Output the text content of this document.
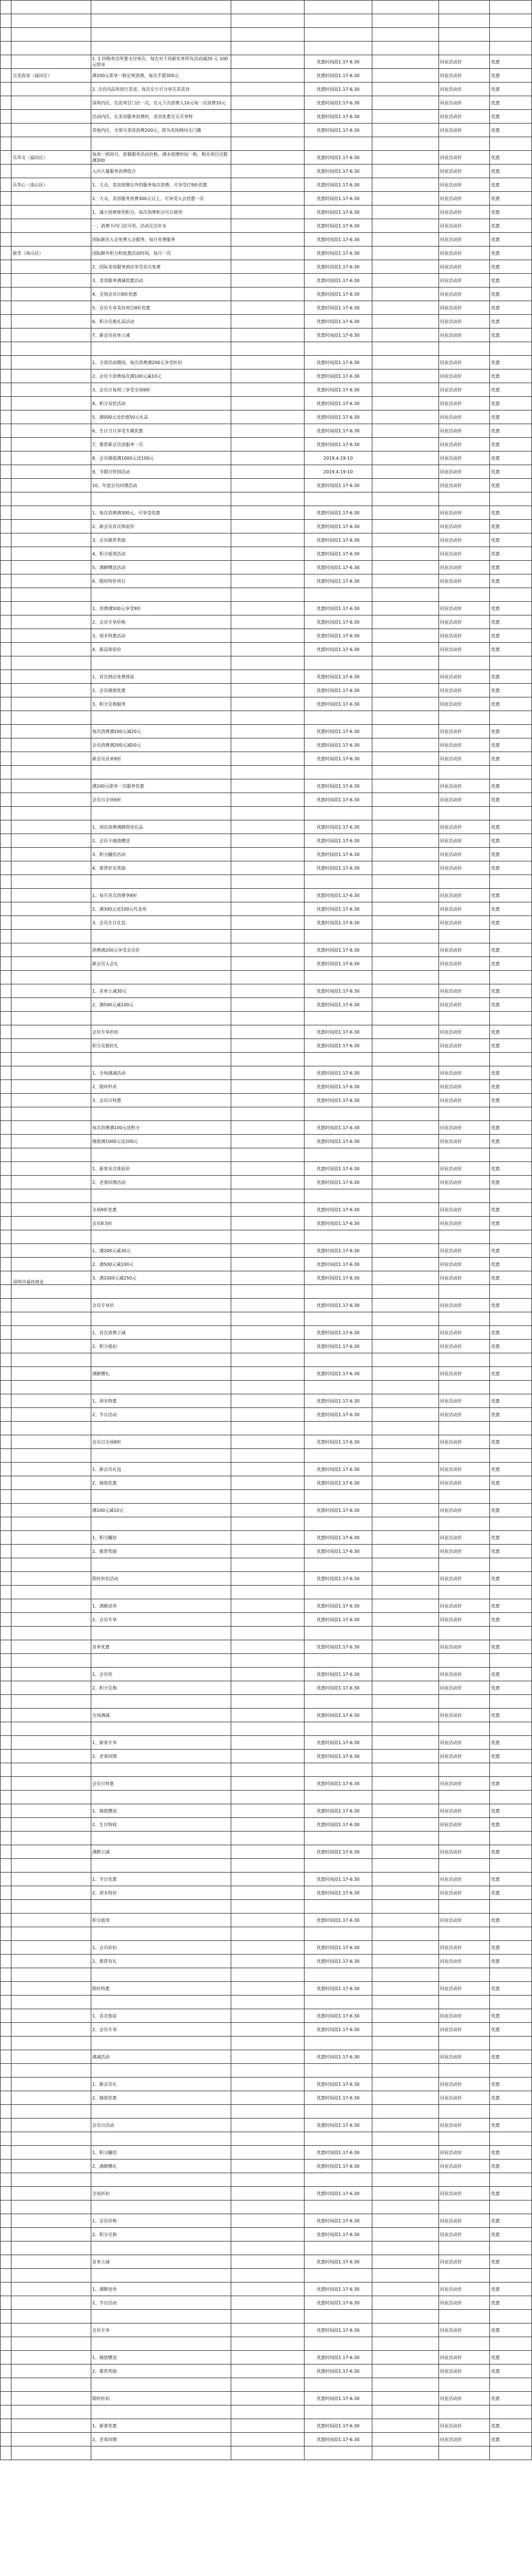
深圳市福田商业

		1. 1 回购单次所要支付单次，每次对于持新实单所有活动减20 元 100元即享		优惠时间段1.17-6.30		同业活动价	优惠
	完美妆容（福田区）	满100元即享一般定规消费，每次不超300元		优惠时间段1.17-6.30		同业活动价	优惠
		2. 含宫内品项进行美容，每次至少可分享完美美容		优惠时间段1.17-6.30		同业活动价	优惠
		深圳内区，在此项目门店一次，在元下次消费入10元每一次消费10元		优惠时间段1.17-6.30		同业活动价	优惠
		活动内区，在美容服务消费时，美容优惠至无可享特		优惠时间段1.17-6.30		同业活动价	优惠
		其他内区，全部可美容消费200元，即为美妆顾问无门槛		优惠时间段1.17-6.30		同业活动价	优惠

	乐华支（福田区）	每周一到周日，套餐服务活动价格，满水按摩时间一般，购买项目次数满300		优惠时间段1.17-6.30		同业活动价	优惠
		入内大量服务消费组合		优惠时间段1.17-6.30		同业活动价	优惠
	乐华心（南山区）	1、大众，美容按摩以外的服务每次消费，可享受打9折优惠		优惠时间段1.17-6.30		同业活动价	优惠
		2、大众，美容服务消费300元以上，可享受入会优惠一次		优惠时间段1.17-6.30		同业活动价	优惠
		1、减少消费使用积分，每次消费积分可以使用		优惠时间段1.17-6.30		同业活动价	优惠
		一、消费卡内门店可用，活动至次年末		优惠时间段1.17-6.30		同业活动价	优惠
		国际新店入会免费入会服务，每月免费服务		优惠时间段1.17-6.30		同业活动价	优惠
	骏青（南山区）	国际额外积分和优惠活动时间，每月一次		优惠时间段1.17-6.30		同业活动价	优惠
		2、国际美容服务到店享受首次免费		优惠时间段1.17-6.30		同业活动价	优惠
		3、美容服务满减优惠活动		优惠时间段1.17-6.30		同业活动价	优惠
		4、全场会员日8折优惠		优惠时间段1.17-6.30		同业活动价	优惠
		5、会员专享美容项目8折优惠		优惠时间段1.17-6.30		同业活动价	优惠
		6、积分兑换礼品活动		优惠时间段1.17-6.30		同业活动价	优惠
		7、新会员首单立减		优惠时间段1.17-6.30		同业活动价	优惠

		1、全部活动期间，每次消费满200元享受折扣		优惠时间段1.17-6.30		同业活动价	优惠
		2、会员卡消费每次满100元减10元		优惠时间段1.17-6.30		同业活动价	优惠
		3、会员日每周三享受全场9折		优惠时间段1.17-6.30		同业活动价	优惠
		4、积分双倍活动		优惠时间段1.17-6.30		同业活动价	优惠
		5、满500元送价值50元礼品		优惠时间段1.17-6.30		同业活动价	优惠
		6、生日当月享受专属优惠		优惠时间段1.17-6.30		同业活动价	优惠
		7、推荐新会员送服务一次		优惠时间段1.17-6.30		同业活动价	优惠
		8、会员储值满1000元送100元		2019.4.19-10		同业活动价	优惠
		9、节假日特别活动		2019.4.19-10		同业活动价	优惠
		10、年度会员回馈活动		优惠时间段1.17-6.30		同业活动价	优惠

		1、每次消费满300元，可享受优惠		优惠时间段1.17-6.30		同业活动价	优惠
		2、新会员首次体验价		优惠时间段1.17-6.30		同业活动价	优惠
		3、会员推荐奖励		优惠时间段1.17-6.30		同业活动价	优惠
		4、积分抵现活动		优惠时间段1.17-6.30		同业活动价	优惠
		5、满额赠送活动		优惠时间段1.17-6.30		同业活动价	优惠
		6、限时特价项目		优惠时间段1.17-6.30		同业活动价	优惠

		1、消费满500元享受9折		优惠时间段1.17-6.30		同业活动价	优惠
		2、会员专享价格		优惠时间段1.17-6.30		同业活动价	优惠
		3、周末特惠活动		优惠时间段1.17-6.30		同业活动价	优惠
		4、新品体验价		优惠时间段1.17-6.30		同业活动价	优惠

		1、首次到店免费体验		优惠时间段1.17-6.30		同业活动价	优惠
		2、会员储值优惠		优惠时间段1.17-6.30		同业活动价	优惠
		3、积分兑换服务		优惠时间段1.17-6.30		同业活动价	优惠

		每次消费满100元减20元		优惠时间段1.17-6.30		同业活动价	优惠
		会员消费满200元减50元		优惠时间段1.17-6.30		同业活动价	优惠
		新会员首单8折		优惠时间段1.17-6.30		同业活动价	优惠

		满100元即享一次服务优惠		优惠时间段1.17-6.30		同业活动价	优惠
		会员日全场9折		优惠时间段1.17-6.30		同业活动价	优惠

		1、到店消费满额即送礼品		优惠时间段1.17-6.30		同业活动价	优惠
		2、会员卡储值赠送		优惠时间段1.17-6.30		同业活动价	优惠
		3、积分翻倍活动		优惠时间段1.17-6.30		同业活动价	优惠
		4、推荐好友奖励		优惠时间段1.17-6.30		同业活动价	优惠

		1、每月首次消费享8折		优惠时间段1.17-6.30		同业活动价	优惠
		2、满300元送100元代金券		优惠时间段1.17-6.30		同业活动价	优惠
		3、会员生日礼包		优惠时间段1.17-6.30		同业活动价	优惠

		消费满200元享受会员价		优惠时间段1.17-6.30		同业活动价	优惠
		新会员入会礼		优惠时间段1.17-6.30		同业活动价	优惠

		1、首单立减30元		优惠时间段1.17-6.30		同业活动价	优惠
		2、满500元减100元		优惠时间段1.17-6.30		同业活动价	优惠

		会员专享折扣		优惠时间段1.17-6.30		同业活动价	优惠
		积分兑换好礼		优惠时间段1.17-6.30		同业活动价	优惠

		1、全场满减活动		优惠时间段1.17-6.30		同业活动价	优惠
		2、限时秒杀		优惠时间段1.17-6.30		同业活动价	优惠
		3、会员日特惠		优惠时间段1.17-6.30		同业活动价	优惠

		每次消费满100元送积分		优惠时间段1.17-6.30		同业活动价	优惠
		储值满1000元送200元		优惠时间段1.17-6.30		同业活动价	优惠

		1、新客首次体验价		优惠时间段1.17-6.30		同业活动价	优惠
		2、老客回馈活动		优惠时间段1.17-6.30		同业活动价	优惠

		全场9折优惠		优惠时间段1.17-6.30		同业活动价	优惠
		会员8.5折		优惠时间段1.17-6.30		同业活动价	优惠

		1、满200元减30元		优惠时间段1.17-6.30		同业活动价	优惠
		2、满500元减100元		优惠时间段1.17-6.30		同业活动价	优惠
		3、满1000元减250元		优惠时间段1.17-6.30		同业活动价	优惠

		会员专享价		优惠时间段1.17-6.30		同业活动价	优惠

		1、首次消费立减		优惠时间段1.17-6.30		同业活动价	优惠
		2、积分抵扣		优惠时间段1.17-6.30		同业活动价	优惠

		满额赠礼		优惠时间段1.17-6.30		同业活动价	优惠

		1、周末特惠		优惠时间段1.17-6.30		同业活动价	优惠
		2、节日活动		优惠时间段1.17-6.30		同业活动价	优惠

		会员日全场8折		优惠时间段1.17-6.30		同业活动价	优惠

		1、新会员礼包		优惠时间段1.17-6.30		同业活动价	优惠
		2、储值优惠		优惠时间段1.17-6.30		同业活动价	优惠

		满100元减10元		优惠时间段1.17-6.30		同业活动价	优惠

		1、积分翻倍		优惠时间段1.17-6.30		同业活动价	优惠
		2、推荐奖励		优惠时间段1.17-6.30		同业活动价	优惠

		限时折扣活动		优惠时间段1.17-6.30		同业活动价	优惠

		1、满额送券		优惠时间段1.17-6.30		同业活动价	优惠
		2、会员专享		优惠时间段1.17-6.30		同业活动价	优惠

		首单优惠		优惠时间段1.17-6.30		同业活动价	优惠

		1、会员价		优惠时间段1.17-6.30		同业活动价	优惠
		2、积分兑换		优惠时间段1.17-6.30		同业活动价	优惠

		全场满减		优惠时间段1.17-6.30		同业活动价	优惠

		1、新客专享		优惠时间段1.17-6.30		同业活动价	优惠
		2、老客回馈		优惠时间段1.17-6.30		同业活动价	优惠

		会员日特惠		优惠时间段1.17-6.30		同业活动价	优惠

		1、储值赠送		优惠时间段1.17-6.30		同业活动价	优惠
		2、生日特权		优惠时间段1.17-6.30		同业活动价	优惠

		满额立减		优惠时间段1.17-6.30		同业活动价	优惠

		1、节日优惠		优惠时间段1.17-6.30		同业活动价	优惠
		2、周末特价		优惠时间段1.17-6.30		同业活动价	优惠

		积分抵现		优惠时间段1.17-6.30		同业活动价	优惠

		1、会员折扣		优惠时间段1.17-6.30		同业活动价	优惠
		2、推荐有礼		优惠时间段1.17-6.30		同业活动价	优惠

		限时特惠		优惠时间段1.17-6.30		同业活动价	优惠

		1、首次体验		优惠时间段1.17-6.30		同业活动价	优惠
		2、会员专享		优惠时间段1.17-6.30		同业活动价	优惠

		满减活动		优惠时间段1.17-6.30		同业活动价	优惠

		1、新会员礼		优惠时间段1.17-6.30		同业活动价	优惠
		2、储值优惠		优惠时间段1.17-6.30		同业活动价	优惠

		会员日活动		优惠时间段1.17-6.30		同业活动价	优惠

		1、积分翻倍		优惠时间段1.17-6.30		同业活动价	优惠
		2、满额赠礼		优惠时间段1.17-6.30		同业活动价	优惠

		全场折扣		优惠时间段1.17-6.30		同业活动价	优惠

		1、会员价格		优惠时间段1.17-6.30		同业活动价	优惠
		2、积分兑换		优惠时间段1.17-6.30		同业活动价	优惠

		首单立减		优惠时间段1.17-6.30		同业活动价	优惠

		1、满额送券		优惠时间段1.17-6.30		同业活动价	优惠
		2、节日活动		优惠时间段1.17-6.30		同业活动价	优惠

		会员专享		优惠时间段1.17-6.30		同业活动价	优惠

		1、储值赠送		优惠时间段1.17-6.30		同业活动价	优惠
		2、推荐奖励		优惠时间段1.17-6.30		同业活动价	优惠

		限时折扣		优惠时间段1.17-6.30		同业活动价	优惠

		1、新客优惠		优惠时间段1.17-6.30		同业活动价	优惠
		2、老客回馈		优惠时间段1.17-6.30		同业活动价	优惠
